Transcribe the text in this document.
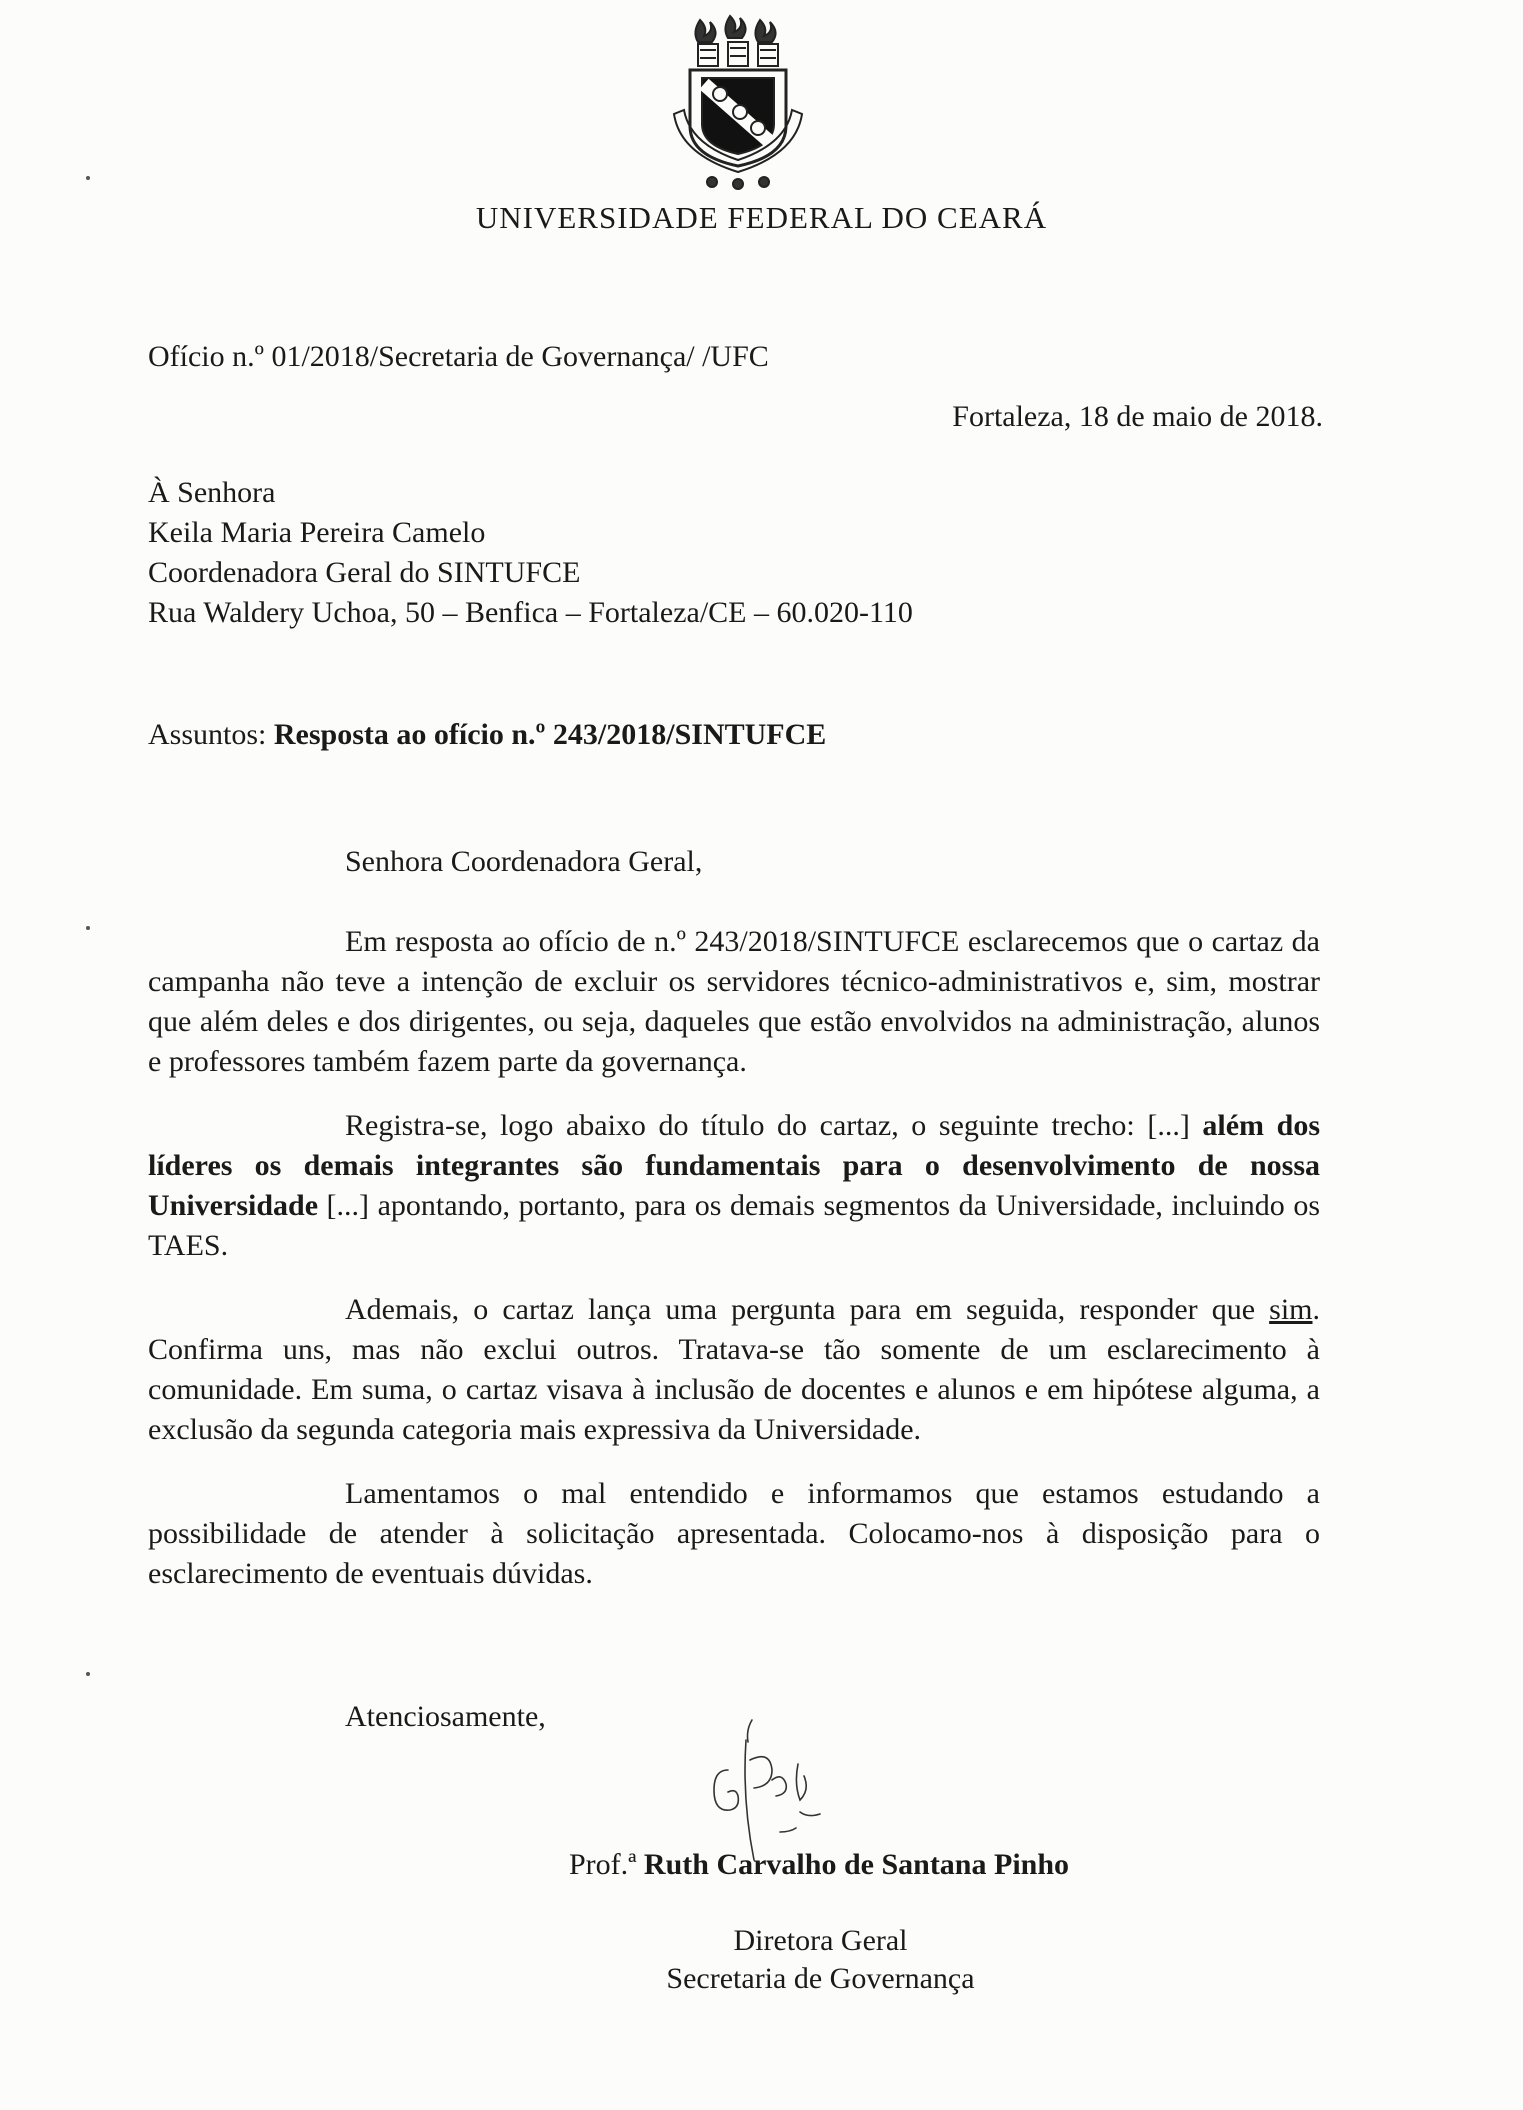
UNIVERSIDADE FEDERAL DO CEARÁ
Ofício n.º 01/2018/Secretaria de Governança/ /UFC
Fortaleza, 18 de maio de 2018.
À Senhora
Keila Maria Pereira Camelo
Coordenadora Geral do SINTUFCE
Rua Waldery Uchoa, 50 – Benfica – Fortaleza/CE – 60.020-110
Assuntos: Resposta ao ofício n.º 243/2018/SINTUFCE
Senhora Coordenadora Geral,

Em resposta ao ofício de n.º 243/2018/SINTUFCE esclarecemos que o cartaz da campanha não teve a intenção de excluir os servidores técnico-administrativos e, sim, mostrar que além deles e dos dirigentes, ou seja, daqueles que estão envolvidos na administração, alunos e professores também fazem parte da governança.

Registra-se, logo abaixo do título do cartaz, o seguinte trecho: [...] além dos líderes os demais integrantes são fundamentais para o desenvolvimento de nossa Universidade [...] apontando, portanto, para os demais segmentos da Universidade, incluindo os TAES.

Ademais, o cartaz lança uma pergunta para em seguida, responder que sim. Confirma uns, mas não exclui outros. Tratava-se tão somente de um esclarecimento à comunidade. Em suma, o cartaz visava à inclusão de docentes e alunos e em hipótese alguma, a exclusão da segunda categoria mais expressiva da Universidade.

Lamentamos o mal entendido e informamos que estamos estudando a possibilidade de atender à solicitação apresentada. Colocamo-nos à disposição para o esclarecimento de eventuais dúvidas.

Atenciosamente,
Prof.ª Ruth Carvalho de Santana Pinho
Diretora Geral
Secretaria de Governança
